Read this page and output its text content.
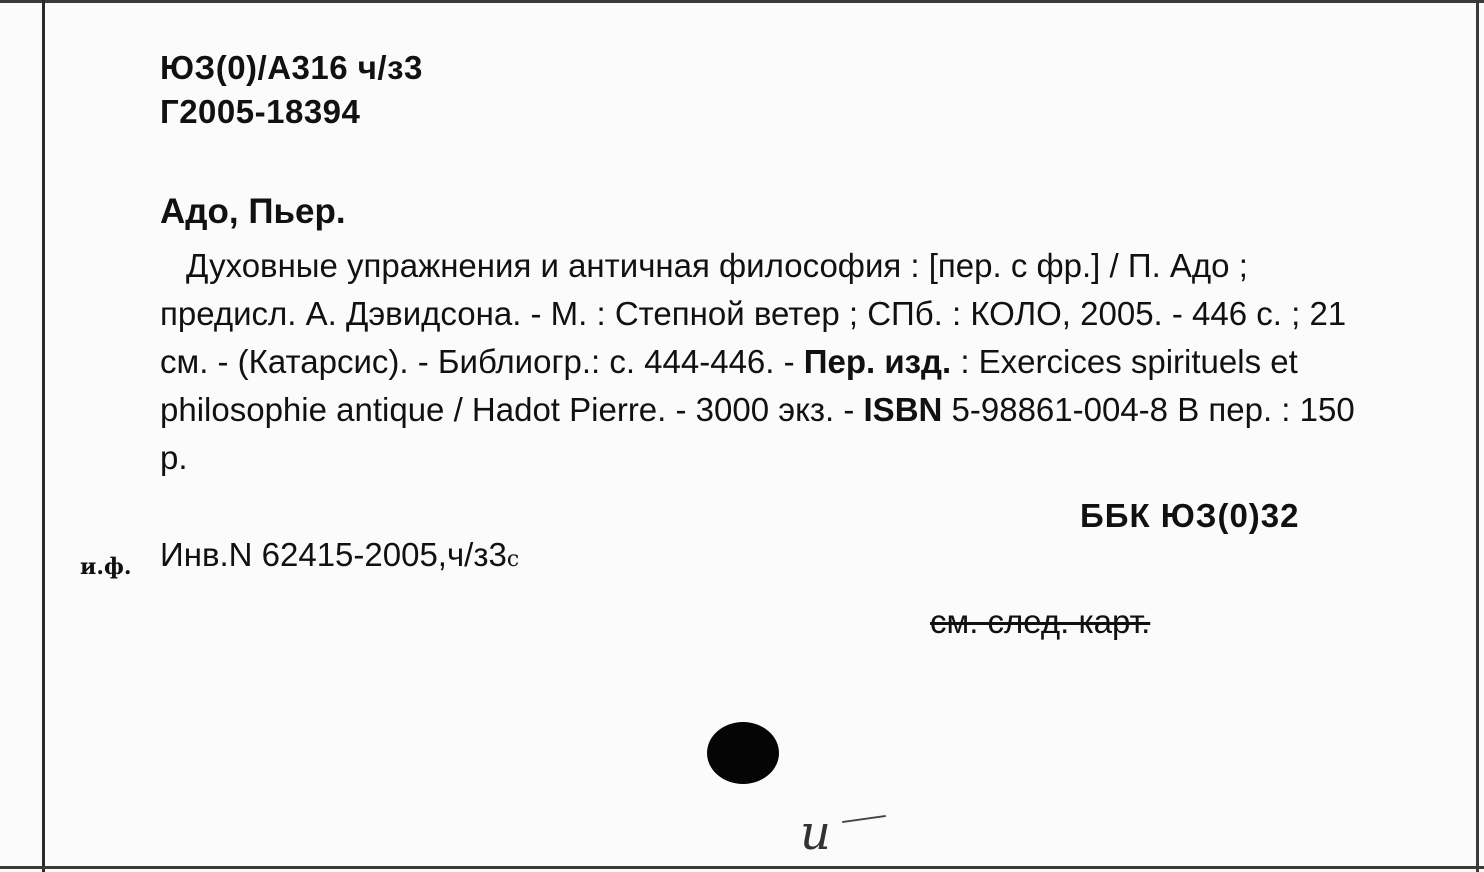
ЮЗ(0)/А316 ч/з3
Г2005-18394
Адо, Пьер.
Духовные упражнения и античная философия : [пер. с фр.] / П. Адо ; предисл. А. Дэвидсона. - М. : Степной ветер ; СПб. : КОЛО, 2005. - 446 с. ; 21 см. - (Катарсис). - Библиогр.: с. 444-446. - Пер. изд. : Exercices spirituels et philosophie antique / Hadot Pierre. - 3000 экз. - ISBN 5-98861-004-8 В пер. : 150 р.
ББК ЮЗ(0)32
и.ф. Инв.N 62415-2005,ч/з3с
см. след. карт.
и
